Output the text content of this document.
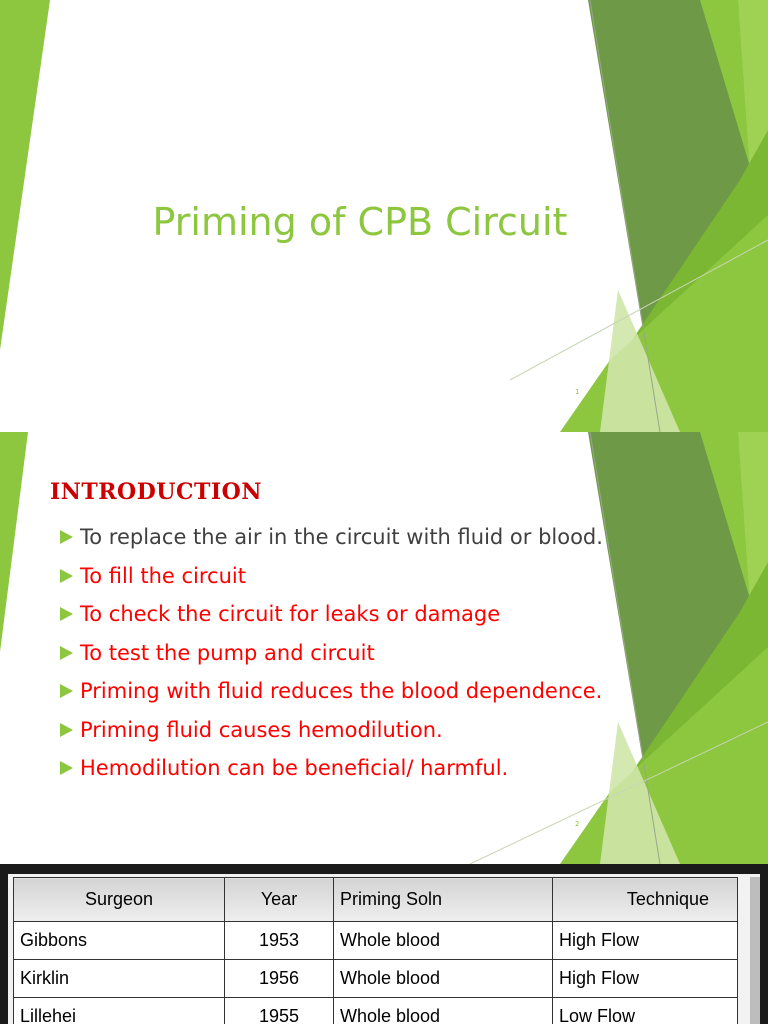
Priming of CPB Circuit
1
INTRODUCTION
To replace the air in the circuit with fluid or blood.
To fill the circuit
To check the circuit for leaks or damage
To test the pump and circuit
Priming with fluid reduces the blood dependence.
Priming fluid causes hemodilution.
Hemodilution can be beneficial/ harmful.
2
Surgeon	Year	Priming Soln	Technique
Gibbons	1953	Whole blood	High Flow
Kirklin	1956	Whole blood	High Flow
Lillehei	1955	Whole blood	Low Flow
